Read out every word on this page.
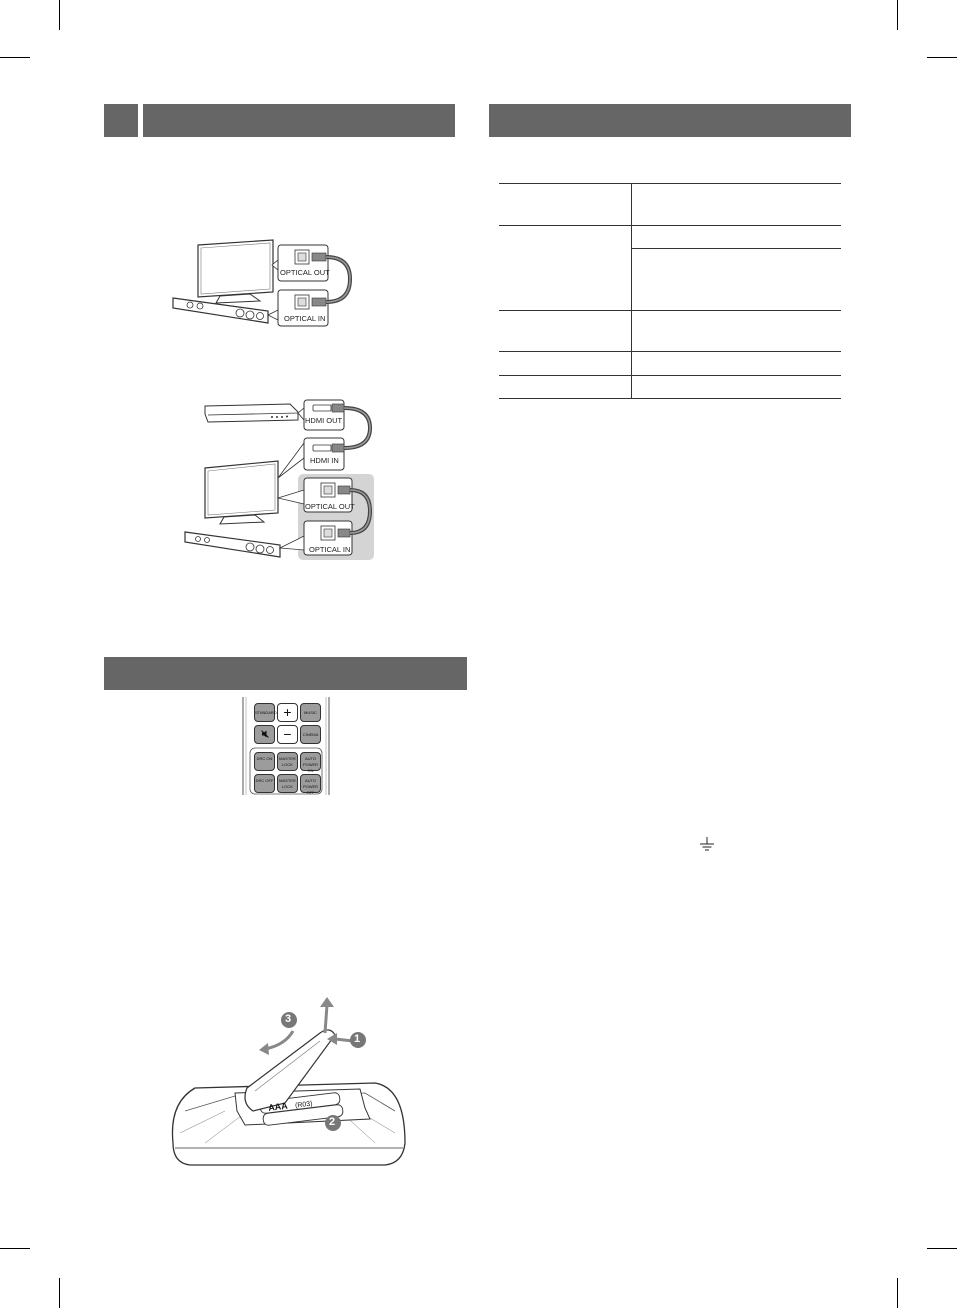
OPTICAL OUT
OPTICAL IN
HDMI OUT
HDMI IN
OPTICAL OUT
OPTICAL IN
STANDARD +	MUSIC
−	CINEMA
DRC ON	MASTER LOCK
AUTO POWER ON
DRC OFF	MASTER LOCK
AUTO POWER OFF
1
2
3
AAA (R03)
